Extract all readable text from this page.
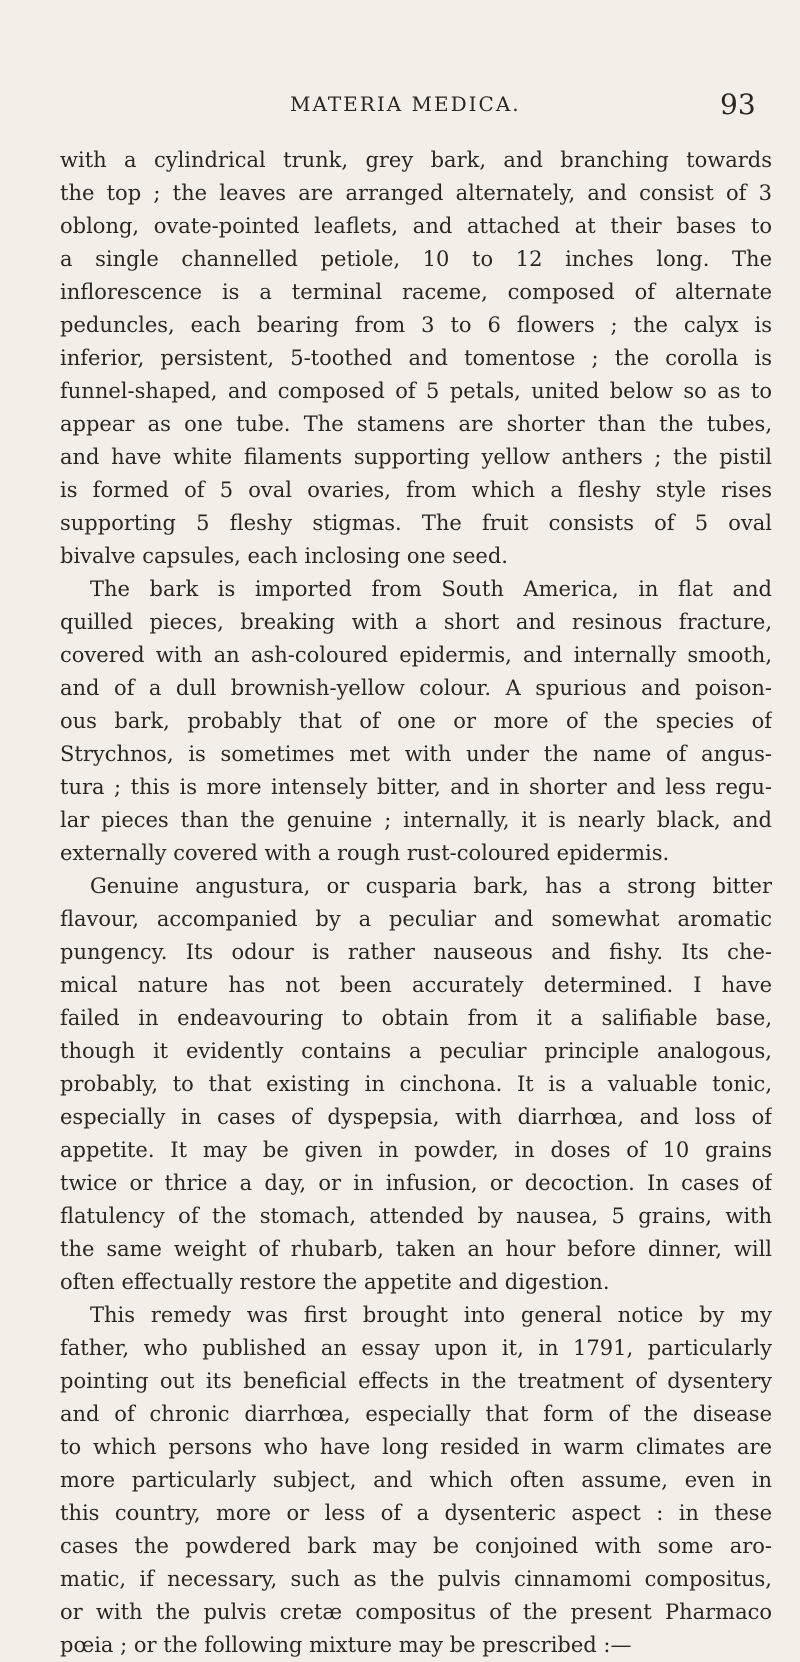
MATERIA MEDICA.	93
with a cylindrical trunk, grey bark, and branching towards
the top ; the leaves are arranged alternately, and consist of 3
oblong, ovate-pointed leaflets, and attached at their bases to
a single channelled petiole, 10 to 12 inches long. The
inflorescence is a terminal raceme, composed of alternate
peduncles, each bearing from 3 to 6 flowers ; the calyx is
inferior, persistent, 5-toothed and tomentose ; the corolla is
funnel-shaped, and composed of 5 petals, united below so as to
appear as one tube. The stamens are shorter than the tubes,
and have white filaments supporting yellow anthers ; the pistil
is formed of 5 oval ovaries, from which a fleshy style rises
supporting 5 fleshy stigmas. The fruit consists of 5 oval
bivalve capsules, each inclosing one seed.
The bark is imported from South America, in flat and
quilled pieces, breaking with a short and resinous fracture,
covered with an ash-coloured epidermis, and internally smooth,
and of a dull brownish-yellow colour. A spurious and poison-
ous bark, probably that of one or more of the species of
Strychnos, is sometimes met with under the name of angus-
tura ; this is more intensely bitter, and in shorter and less regu-
lar pieces than the genuine ; internally, it is nearly black, and
externally covered with a rough rust-coloured epidermis.
Genuine angustura, or cusparia bark, has a strong bitter
flavour, accompanied by a peculiar and somewhat aromatic
pungency. Its odour is rather nauseous and fishy. Its che-
mical nature has not been accurately determined. I have
failed in endeavouring to obtain from it a salifiable base,
though it evidently contains a peculiar principle analogous,
probably, to that existing in cinchona. It is a valuable tonic,
especially in cases of dyspepsia, with diarrhœa, and loss of
appetite. It may be given in powder, in doses of 10 grains
twice or thrice a day, or in infusion, or decoction. In cases of
flatulency of the stomach, attended by nausea, 5 grains, with
the same weight of rhubarb, taken an hour before dinner, will
often effectually restore the appetite and digestion.
This remedy was first brought into general notice by my
father, who published an essay upon it, in 1791, particularly
pointing out its beneficial effects in the treatment of dysentery
and of chronic diarrhœa, especially that form of the disease
to which persons who have long resided in warm climates are
more particularly subject, and which often assume, even in
this country, more or less of a dysenteric aspect : in these
cases the powdered bark may be conjoined with some aro-
matic, if necessary, such as the pulvis cinnamomi compositus,
or with the pulvis cretæ compositus of the present Pharmaco
pœia ; or the following mixture may be prescribed :—
